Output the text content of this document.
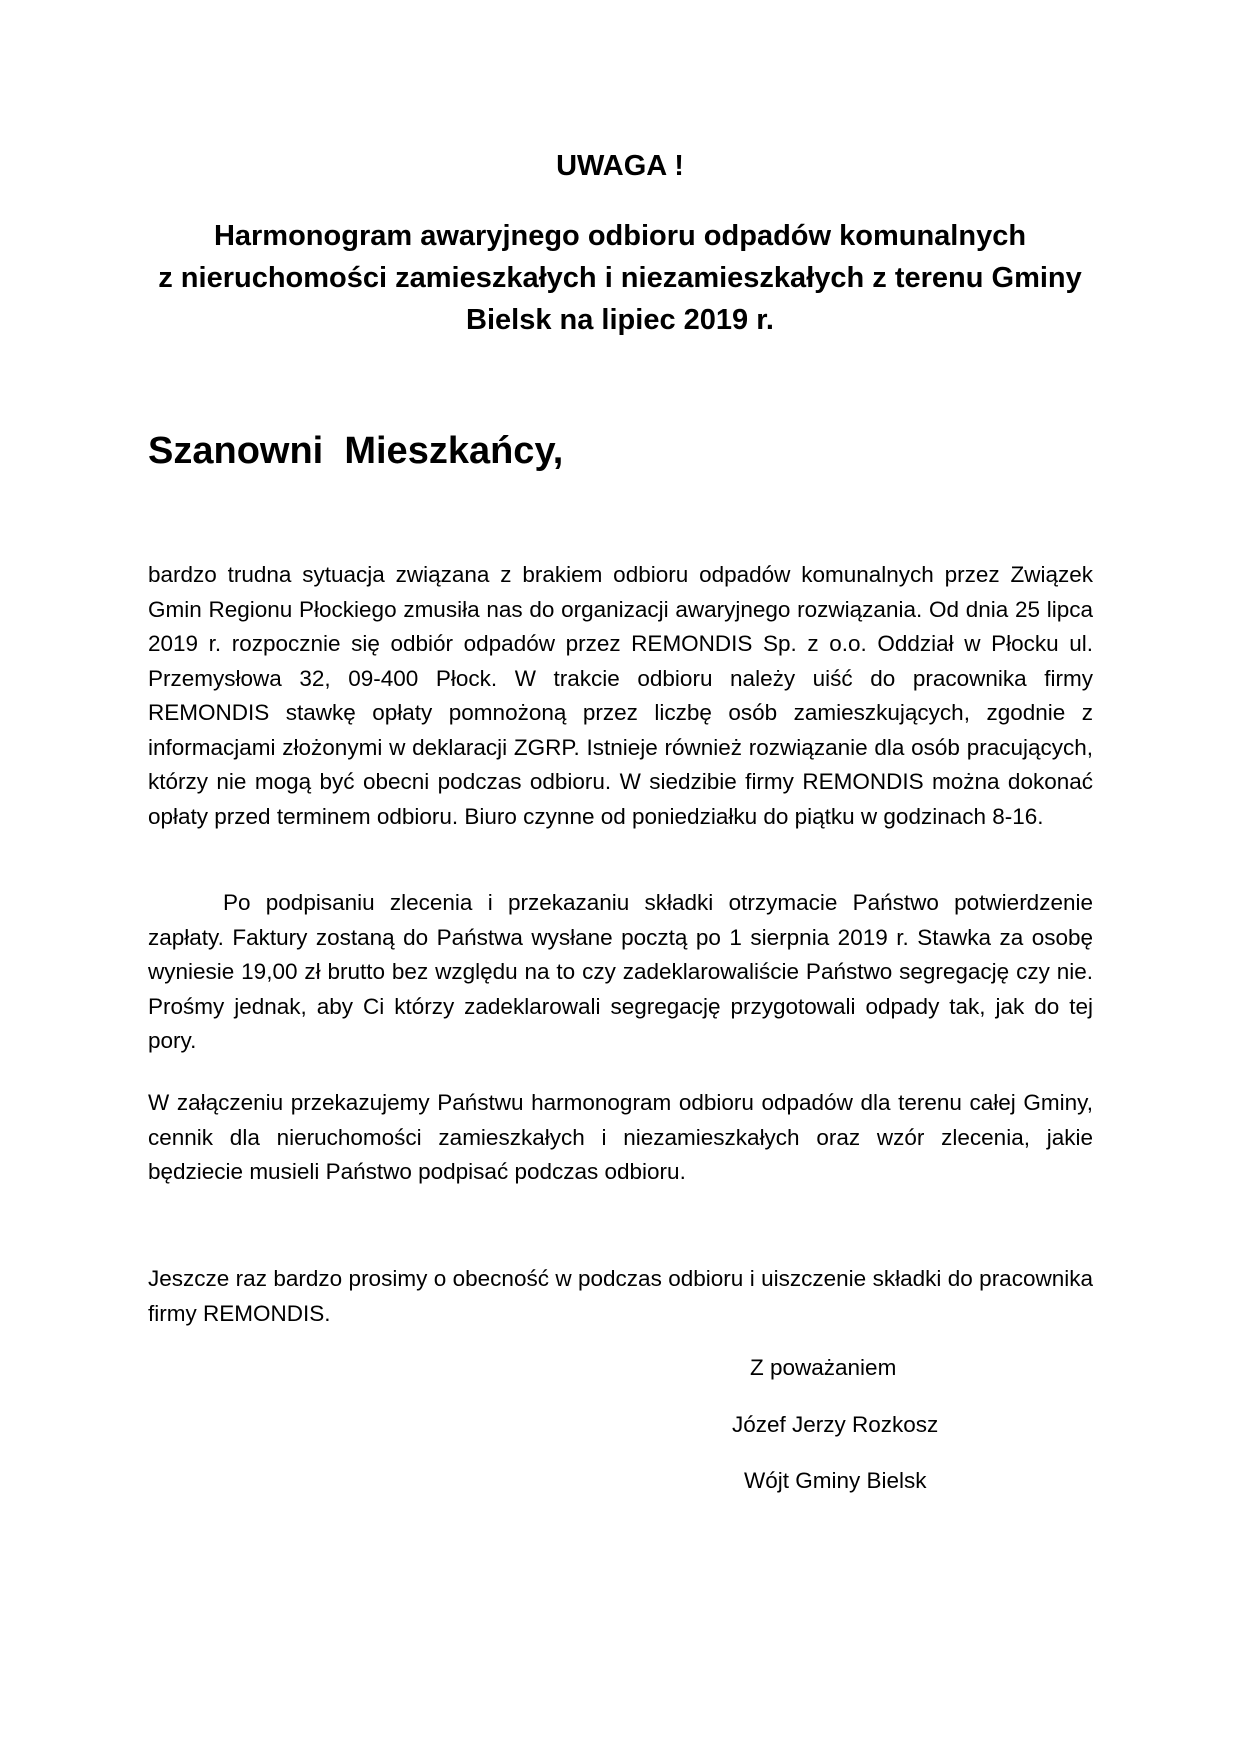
UWAGA !

Harmonogram awaryjnego odbioru odpadów komunalnych
z nieruchomości zamieszkałych i niezamieszkałych z terenu Gminy
Bielsk na lipiec 2019 r.

Szanowni  Mieszkańcy,

bardzo trudna sytuacja związana z brakiem odbioru odpadów komunalnych przez Związek Gmin Regionu Płockiego zmusiła nas do organizacji awaryjnego rozwiązania. Od dnia 25 lipca 2019 r. rozpocznie się odbiór odpadów przez REMONDIS Sp. z o.o. Oddział w Płocku ul. Przemysłowa 32, 09-400 Płock. W trakcie odbioru należy uiść do pracownika firmy REMONDIS stawkę opłaty pomnożoną przez liczbę osób zamieszkujących, zgodnie z informacjami złożonymi w deklaracji ZGRP. Istnieje również rozwiązanie dla osób pracujących, którzy nie mogą być obecni podczas odbioru. W siedzibie firmy REMONDIS można dokonać opłaty przed terminem odbioru. Biuro czynne od poniedziałku do piątku w godzinach 8-16.

Po podpisaniu zlecenia i przekazaniu składki otrzymacie Państwo potwierdzenie zapłaty. Faktury zostaną do Państwa wysłane pocztą po 1 sierpnia 2019 r. Stawka za osobę wyniesie 19,00 zł brutto bez względu na to czy zadeklarowaliście Państwo segregację czy nie. Prośmy jednak, aby Ci którzy zadeklarowali segregację przygotowali odpady tak, jak do tej pory.

W załączeniu przekazujemy Państwu harmonogram odbioru odpadów dla terenu całej Gminy, cennik dla nieruchomości zamieszkałych i niezamieszkałych oraz wzór zlecenia, jakie będziecie musieli Państwo podpisać podczas odbioru.

Jeszcze raz bardzo prosimy o obecność w podczas odbioru i uiszczenie składki do pracownika firmy REMONDIS.

Z poważaniem

Józef Jerzy Rozkosz

Wójt Gminy Bielsk
